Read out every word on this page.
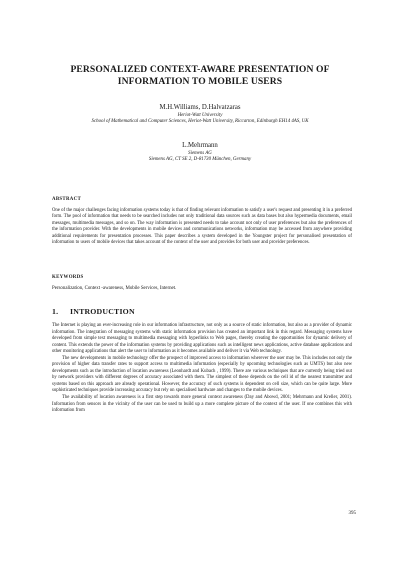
PERSONALIZED CONTEXT-AWARE PRESENTATION OF INFORMATION TO MOBILE USERS
M.H.Williams, D.Halvatzaras
Heriot-Watt University
School of Mathematical and Computer Sciences, Heriot-Watt University, Riccarton, Edinburgh EH14 4AS, UK
L.Mehrmann
Siemens AG
Siemens AG, CT SE 2, D-81730 München, Germany
ABSTRACT
One of the major challenges facing information systems today is that of finding relevant information to satisfy a user's request and presenting it in a preferred form. The pool of information that needs to be searched includes not only traditional data sources such as data bases but also hypermedia documents, email messages, multimedia messages, and so on. The way information is presented needs to take account not only of user preferences but also the preferences of the information provider. With the developments in mobile devices and communications networks, information may be accessed from anywhere providing additional requirements for presentation processes. This paper describes a system developed in the Youngster project for personalised presentation of information to users of mobile devices that takes account of the context of the user and provides for both user and provider preferences.
KEYWORDS
Personalization, Context -awareness, Mobile Services, Internet.
1. INTRODUCTION

The Internet is playing an ever-increasing role in our information infrastructure, not only as a source of static information, but also as a provider of dynamic information. The integration of messaging systems with static information provision has created an important link in this regard. Messaging systems have developed from simple text messaging to multimedia messaging with hyperlinks to Web pages, thereby creating the opportunities for dynamic delivery of content. This extends the power of the information systems by providing applications such as intelligent news applications, active database applications and other monitoring applications that alert the user to information as it becomes available and deliver it via Web technology.

The new developments in mobile technology offer the prospect of improved access to information wherever the user may be. This includes not only the provision of higher data transfer rates to support access to multimedia information (especially by upcoming technologies such as UMTS) but also new developments such as the introduction of location awareness (Leonhardt and Kubach , 1999). There are various techniques that are currently being tried out by network providers with different degrees of accuracy associated with them. The simplest of these depends on the cell id of the nearest transmitter and systems based on this approach are already operational. However, the accuracy of such systems is dependent on cell size, which can be quite large. More sophisticated techniques provide increasing accuracy but rely on specialised hardware and changes to the mobile devices.

The availability of location awareness is a first step towards more general context awareness (Day and Abowd, 2001; Mehrmann and Kreller, 2001). Information from sensors in the vicinity of the user can be used to build up a more complete picture of the context of the user. If one combines this with information from

395
